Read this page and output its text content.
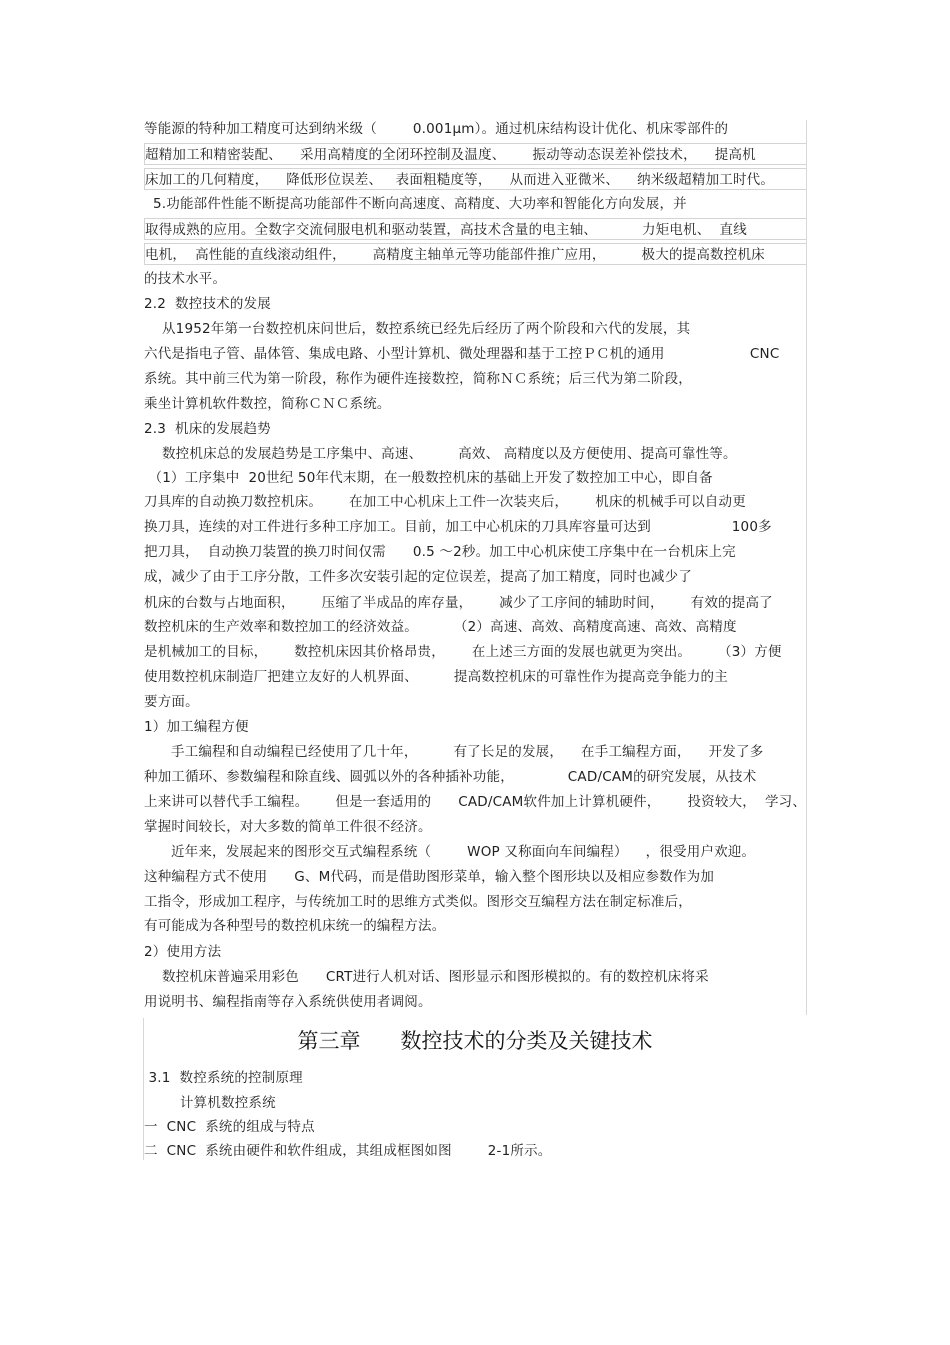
等能源的特种加工精度可达到纳米级（        0.001μm）。通过机床结构设计优化、机床零部件的
超精加工和精密装配、    采用高精度的全闭环控制及温度、      振动等动态误差补偿技术，    提高机
床加工的几何精度，    降低形位误差、   表面粗糙度等，    从而进入亚微米、    纳米级超精加工时代。
5.功能部件性能不断提高功能部件不断向高速度、高精度、大功率和智能化方向发展，并
取得成熟的应用。全数字交流伺服电机和驱动装置，高技术含量的电主轴、          力矩电机、  直线
电机，  高性能的直线滚动组件，      高精度主轴单元等功能部件推广应用，        极大的提高数控机床
的技术水平。
2.2  数控技术的发展
从1952年第一台数控机床问世后，数控系统已经先后经历了两个阶段和六代的发展，其
六代是指电子管、晶体管、集成电路、小型计算机、微处理器和基于工控ＰＣ机的通用                   CNC
系统。其中前三代为第一阶段，称作为硬件连接数控，简称ＮＣ系统；后三代为第二阶段，
乘坐计算机软件数控，简称ＣＮＣ系统。
2.3  机床的发展趋势
数控机床总的发展趋势是工序集中、高速、        高效、 高精度以及方便使用、提高可靠性等。
（1）工序集中  20世纪 50年代末期，在一般数控机床的基础上开发了数控加工中心，即自备
刀具库的自动换刀数控机床。      在加工中心机床上工件一次装夹后，      机床的机械手可以自动更
换刀具，连续的对工件进行多种工序加工。目前，加工中心机床的刀具库容量可达到                  100多
把刀具，  自动换刀装置的换刀时间仅需      0.5 ～2秒。加工中心机床使工序集中在一台机床上完
成，减少了由于工序分散，工件多次安装引起的定位误差，提高了加工精度，同时也减少了
机床的台数与占地面积，      压缩了半成品的库存量，      减少了工序间的辅助时间，      有效的提高了
数控机床的生产效率和数控加工的经济效益。        （2）高速、高效、高精度高速、高效、高精度
是机械加工的目标，      数控机床因其价格昂贵，      在上述三方面的发展也就更为突出。      （3）方便
使用数控机床制造厂把建立友好的人机界面、        提高数控机床的可靠性作为提高竞争能力的主
要方面。
1）加工编程方便
手工编程和自动编程已经使用了几十年，        有了长足的发展，    在手工编程方面，    开发了多
种加工循环、参数编程和除直线、圆弧以外的各种插补功能，            CAD/CAM的研究发展，从技术
上来讲可以替代手工编程。      但是一套适用的      CAD/CAM软件加上计算机硬件，      投资较大，  学习、
掌握时间较长，对大多数的简单工件很不经济。
近年来，发展起来的图形交互式编程系统（        WOP 又称面向车间编程）    ，很受用户欢迎。
这种编程方式不使用      G、M代码，而是借助图形菜单，输入整个图形块以及相应参数作为加
工指令，形成加工程序，与传统加工时的思维方式类似。图形交互编程方法在制定标准后，
有可能成为各种型号的数控机床统一的编程方法。
2）使用方法
数控机床普遍采用彩色      CRT进行人机对话、图形显示和图形模拟的。有的数控机床将采
用说明书、编程指南等存入系统供使用者调阅。
第三章      数控技术的分类及关键技术
3.1  数控系统的控制原理
计算机数控系统
一  CNC  系统的组成与特点
二  CNC  系统由硬件和软件组成，其组成框图如图        2-1所示。
